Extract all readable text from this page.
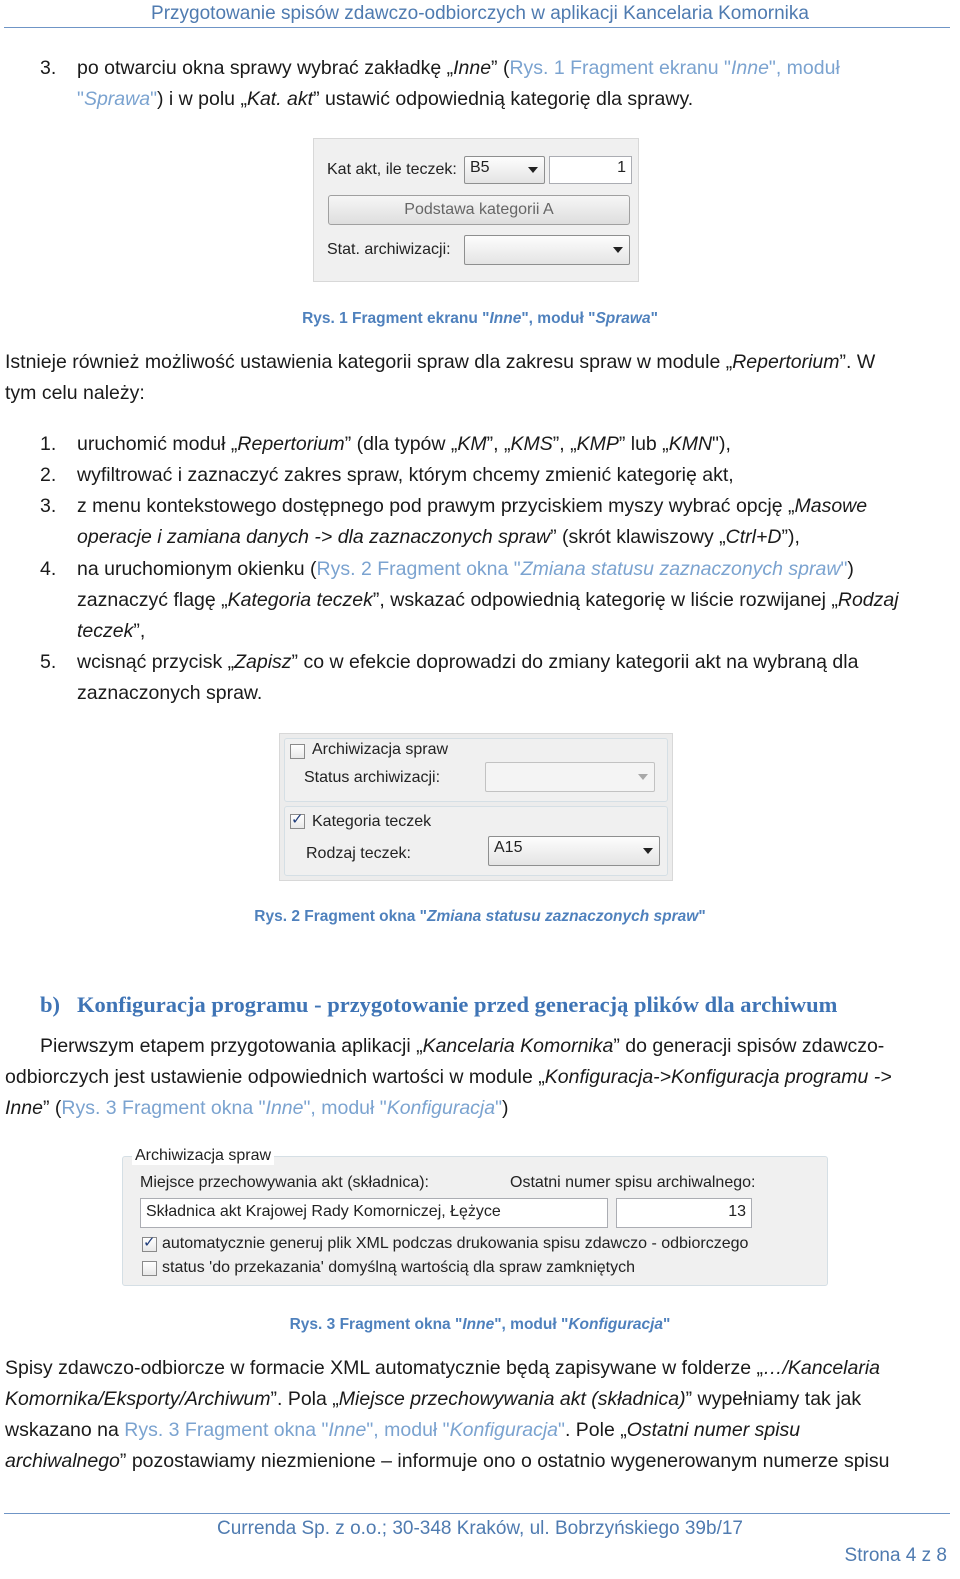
Przygotowanie spisów zdawczo-odbiorczych w aplikacji Kancelaria Komornika
3. po otwarciu okna sprawy wybrać zakładkę „Inne” (Rys. 1 Fragment ekranu "Inne", moduł
"Sprawa") i w polu „Kat. akt” ustawić odpowiednią kategorię dla sprawy.
Kat akt, ile teczek: B5	1
Podstawa kategorii A
Stat. archiwizacji:
Rys. 1 Fragment ekranu "Inne", moduł "Sprawa"
Istnieje również możliwość ustawienia kategorii spraw dla zakresu spraw w module „Repertorium”. W
tym celu należy:
1. uruchomić moduł „Repertorium” (dla typów „KM”, „KMS”, „KMP” lub „KMN"),
2. wyfiltrować i zaznaczyć zakres spraw, którym chcemy zmienić kategorię akt,
3. z menu kontekstowego dostępnego pod prawym przyciskiem myszy wybrać opcję „Masowe
operacje i zamiana danych -> dla zaznaczonych spraw” (skrót klawiszowy „Ctrl+D”),
4. na uruchomionym okienku (Rys. 2 Fragment okna "Zmiana statusu zaznaczonych spraw")
zaznaczyć flagę „Kategoria teczek”, wskazać odpowiednią kategorię w liście rozwijanej „Rodzaj
teczek”,
5. wcisnąć przycisk „Zapisz” co w efekcie doprowadzi do zmiany kategorii akt na wybraną dla
zaznaczonych spraw.
Archiwizacja spraw
Status archiwizacji:
✓ Kategoria teczek
Rodzaj teczek:	A15
Rys. 2 Fragment okna "Zmiana statusu zaznaczonych spraw"
b) Konfiguracja programu - przygotowanie przed generacją plików dla archiwum
Pierwszym etapem przygotowania aplikacji „Kancelaria Komornika” do generacji spisów zdawczo-
odbiorczych jest ustawienie odpowiednich wartości w module „Konfiguracja->Konfiguracja programu ->
Inne” (Rys. 3 Fragment okna "Inne", moduł "Konfiguracja")
Archiwizacja spraw
Miejsce przechowywania akt (składnica):	Ostatni numer spisu archiwalnego:
Składnica akt Krajowej Rady Komorniczej, Łężyce	13
✓ automatycznie generuj plik XML podczas drukowania spisu zdawczo - odbiorczego
status 'do przekazania' domyślną wartością dla spraw zamkniętych
Rys. 3 Fragment okna "Inne", moduł "Konfiguracja"
Spisy zdawczo-odbiorcze w formacie XML automatycznie będą zapisywane w folderze „…/Kancelaria
Komornika/Eksporty/Archiwum”. Pola „Miejsce przechowywania akt (składnica)” wypełniamy tak jak
wskazano na Rys. 3 Fragment okna "Inne", moduł "Konfiguracja". Pole „Ostatni numer spisu
archiwalnego” pozostawiamy niezmienione – informuje ono o ostatnio wygenerowanym numerze spisu
Currenda Sp. z o.o.; 30-348 Kraków, ul. Bobrzyńskiego 39b/17
Strona 4 z 8
